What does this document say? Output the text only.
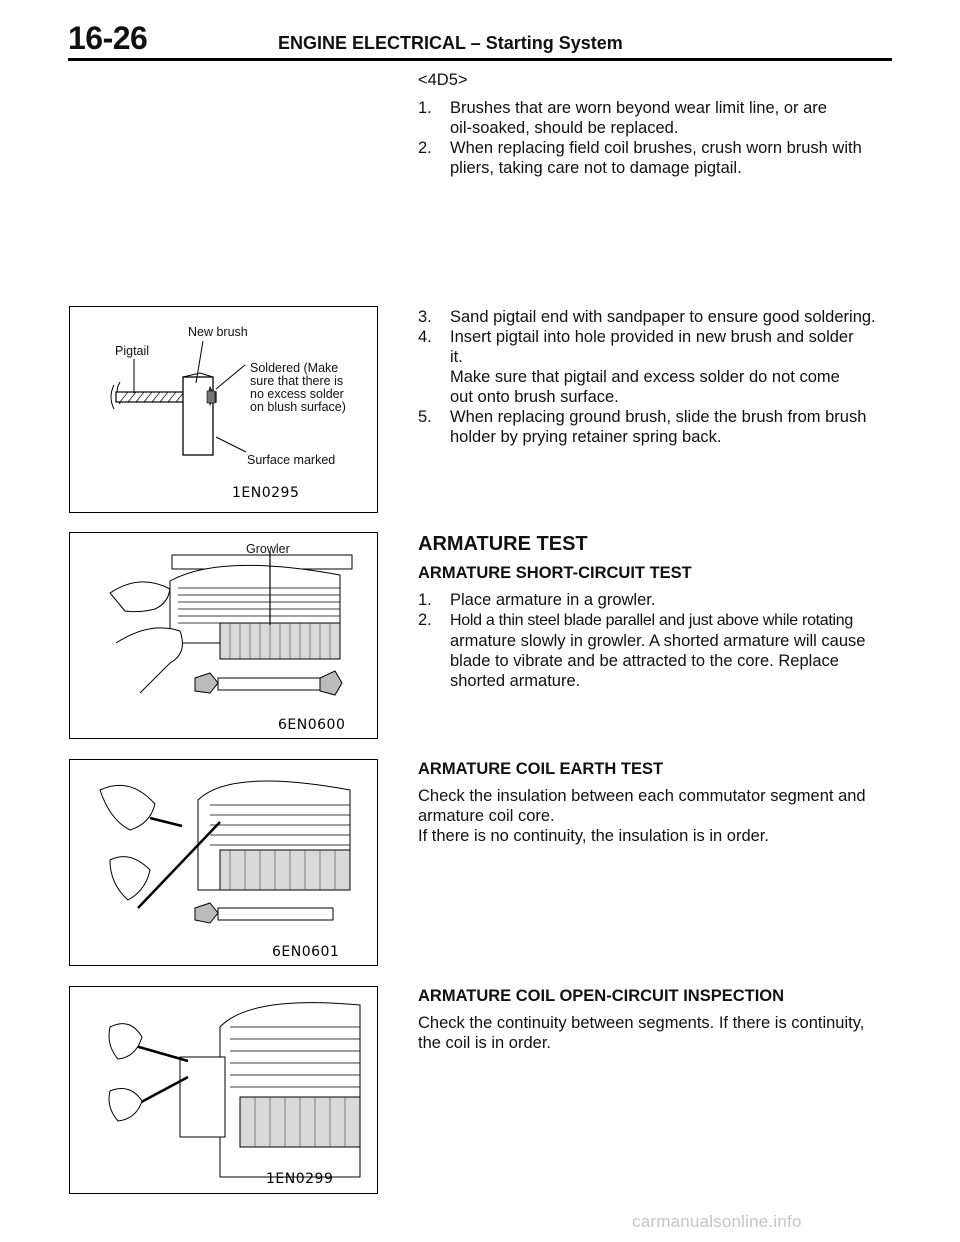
16-26	ENGINE ELECTRICAL – Starting System

<4D5>

1. Brushes that are worn beyond wear limit line, or are
oil-soaked, should be replaced.
2. When replacing field coil brushes, crush worn brush with
pliers, taking care not to damage pigtail.
3. Sand pigtail end with sandpaper to ensure good soldering.
4. Insert pigtail into hole provided in new brush and solder
it.
Make sure that pigtail and excess solder do not come
out onto brush surface.
5. When replacing ground brush, slide the brush from brush
holder by prying retainer spring back.
ARMATURE TEST
ARMATURE SHORT-CIRCUIT TEST
1. Place armature in a growler.
2. Hold a thin steel blade parallel and just above while rotating
armature slowly in growler. A shorted armature will cause
blade to vibrate and be attracted to the core. Replace
shorted armature.
ARMATURE COIL EARTH TEST

Check the insulation between each commutator segment and

armature coil core.

If there is no continuity, the insulation is in order.

ARMATURE COIL OPEN-CIRCUIT INSPECTION

Check the continuity between segments. If there is continuity,

the coil is in order.

New brush
Pigtail
Soldered (Make
sure that there is
no excess solder
on blush surface)
Surface marked
1EN0295
Growler
6EN0600
6EN0601
1EN0299
carmanualsonline.info
